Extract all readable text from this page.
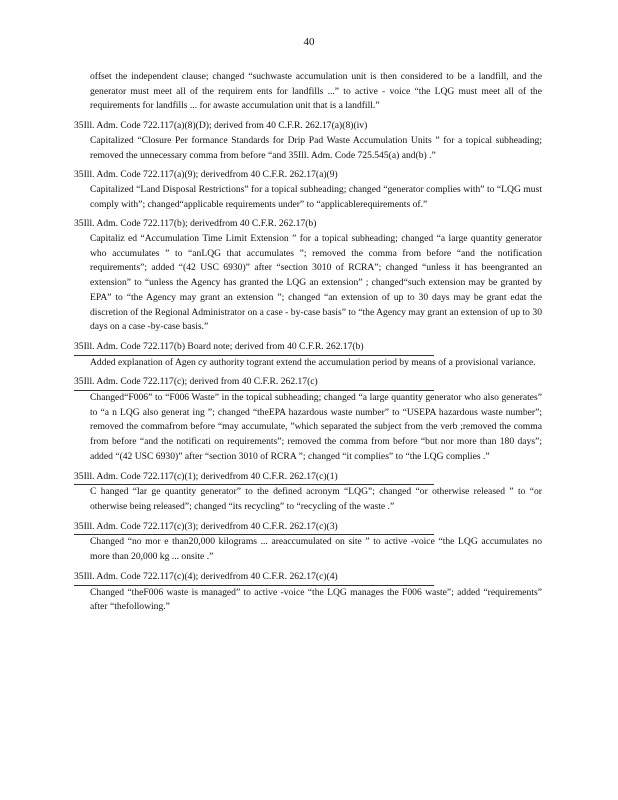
40
offset the independent clause; changed “suchwaste accumulation unit is then considered to be a landfill, and the generator must meet all of the requirem ents for landfills ...” to active - voice “the LQG must meet all of the requirements for landfills ... for awaste accumulation unit that is a landfill.”
35Ill. Adm. Code 722.117(a)(8)(D); derived from 40 C.F.R. 262.17(a)(8)(iv)
Capitalized “Closure Per formance Standards for Drip Pad Waste Accumulation Units ” for a topical subheading; removed the unnecessary comma from before “and 35Ill. Adm. Code 725.545(a) and(b) .”
35Ill. Adm. Code 722.117(a)(9); derivedfrom 40 C.F.R. 262.17(a)(9)
Capitalized “Land Disposal Restrictions” for a topical subheading; changed “generator complies with” to “LQG must comply with”; changed“applicable requirements under” to “applicablerequirements of.”
35Ill. Adm. Code 722.117(b); derivedfrom 40 C.F.R. 262.17(b)
Capitaliz ed “Accumulation Time Limit Extension ” for a topical subheading; changed “a large quantity generator who accumulates ” to “anLQG that accumulates ”; removed the comma from before “and the notification requirements”; added “(42 USC 6930)” after “section 3010 of RCRA”; changed “unless it has beengranted an extension” to “unless the Agency has granted the LQG an extension” ; changed“such extension may be granted by EPA” to “the Agency may grant an extension ”; changed “an extension of up to 30 days may be grant edat the discretion of the Regional Administrator on a case - by-case basis” to “the Agency may grant an extension of up to 30 days on a case -by-case basis.”
35Ill. Adm. Code 722.117(b) Board note; derived from 40 C.F.R. 262.17(b)
Added explanation of Agen cy authority togrant extend the accumulation period by means of a provisional variance.
35Ill. Adm. Code 722.117(c); derived from 40 C.F.R. 262.17(c)
Changed“F006” to “F006 Waste” in the topical subheading; changed “a large quantity generator who also generates” to “a n LQG also generat ing ”; changed “theEPA hazardous waste number” to “USEPA hazardous waste number”; removed the commafrom before “may accumulate, ”which separated the subject from the verb ;removed the comma from before “and the notificati on requirements”; removed the comma from before “but nor more than 180 days”; added “(42 USC 6930)” after “section 3010 of RCRA ”; changed “it complies” to “the LQG complies .”
35Ill. Adm. Code 722.117(c)(1); derivedfrom 40 C.F.R. 262.17(c)(1)
C hanged “lar ge quantity generator” to the defined acronym “LQG”; changed “or otherwise released ” to “or otherwise being released”; changed “its recycling” to “recycling of the waste .”
35Ill. Adm. Code 722.117(c)(3); derivedfrom 40 C.F.R. 262.17(c)(3)
Changed “no mor e than20,000 kilograms ... areaccumulated on site ” to active -voice “the LQG accumulates no more than 20,000 kg ... onsite .”
35Ill. Adm. Code 722.117(c)(4); derivedfrom 40 C.F.R. 262.17(c)(4)
Changed “theF006 waste is managed” to active -voice “the LQG manages the F006 waste”; added “requirements” after “thefollowing.”
